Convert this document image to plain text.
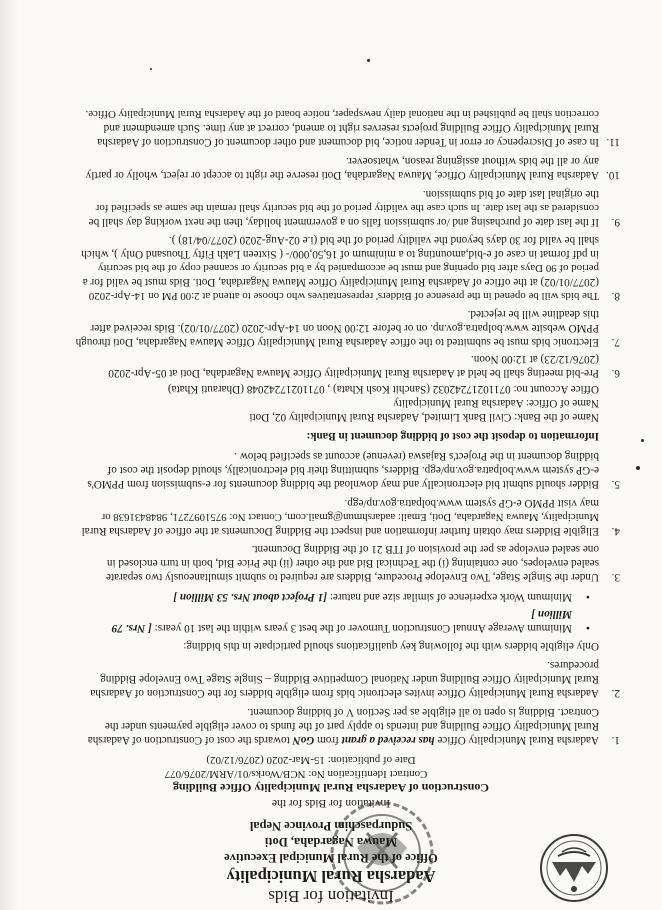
Invitation for Bids
Aadarsha Rural Municipality
Office of the Rural Municipal Executive
Mauwa Nagardaha, Doti
Sudurpaschim Province Nepal
Invitation for Bids for the
Construction of Aadarsha Rural Municipality Office Building
Contract Identification No: NCB/Works/01/ARM/2076/077
Date of publication: 15-Mar-2020 (2076/12/02)
1.
Aadarsha Rural Municipality Office has received a grant from GoN towards the cost of Construction of Aadarsha
Rural Municipality Office Building and intends to apply part of the funds to cover eligible payments under the
Contract. Bidding is open to all eligible as per Section V of bidding document.
2.
Aadarsha Rural Municipality Office invites electronic bids from eligible bidders for the Construction of Aadarsha
Rural Municipality Office Building under National Competitive Bidding – Single Stage Two Envelope Bidding
procedures.
Only eligible bidders with the following key qualifications should participate in this bidding:
•
Minimum Average Annual Construction Turnover of the best 3 years within the last 10 years: [ Nrs. 79
Million ]
•
Minimum Work experience of similar size and nature: [1 Project about Nrs. 53 Million ]
3.
Under the Single Stage, Two Envelope Procedure, Bidders are required to submit simultaneously two separate
sealed envelopes, one containing (i) the Technical Bid and the other (ii) the Price Bid, both in turn enclosed in
one sealed envelope as per the provision of ITB 21 of the Bidding Document.
4.
Eligible Bidders may obtain further information and inspect the Bidding Documents at the office of Aadarsha Rural
Municipality, Mauwa Nagardaha, Doti, Email: aadarshmun@gmail.com, Contact No: 9751097271, 9848431638 or
may visit PPMO e-GP system www.bolpatra.gov.np/egp.
5.
Bidder should submit bid electronically and may download the bidding documents for e-submission from PPMO's
e-GP system www.bolpatra.gov.np/egp. Bidders, submitting their bid electronically, should deposit the cost of
bidding document in the Project's Rajaswa (revenue) account as specified below .
Information to deposit the cost of bidding document in Bank:
Name of the Bank: Civil Bank Limited, Aadarsha Rural Municipality 02, Doti
Name of Office: Aadarsha Rural Municipality
Office Account no: 07110217242032 (Sanchit Kosh Khata) , 07110217242048 (Dharauti Khata)
6.
Pre-bid meeting shall be held at Aadarsha Rural Municipality Office Mauwa Nagardaha, Doti at 05-Apr-2020
(2076/12/23) at 12:00 Noon.
7.
Electronic bids must be submitted to the office Aadarsha Rural Municipality Office Mauwa Nagardaha, Doti through
PPMO website www.bolpatra.gov.np. on or before 12:00 Noon on 14-Apr-2020 (2077/01/02). Bids received after
this deadline will be rejected.
8.
The bids will be opened in the presence of Bidders' representatives who choose to attend at 2:00 PM on 14-Apr-2020
(2077/01/02) at the office of Aadarsha Rural Municipality Office Mauwa Nagardaha, Doti. Bids must be valid for a
period of 90 Days after bid opening and must be accompanied by a bid security or scanned copy of the bid security
in pdf format in case of e-bid,amounting to a minimum of 16,50,000/- ( Sixteen Lakh Fifty Thousand Only ), which
shall be valid for 30 days beyond the validity period of the bid (i.e 02-Aug-2020 (2077/04/18) ).
9.
If the last date of purchasing and /or submission falls on a government holiday, then the next working day shall be
considered as the last date. In such case the validity period of the bid security shall remain the same as specified for
the original last date of bid submission.
10.
Aadarsha Rural Municipality Office, Mauwa Nagardaha, Doti reserve the right to accept or reject, wholly or partly
any or all the bids without assigning reason, whatsoever.
11.
In case of Discrepency or error in Tender notice, bid document and other document of Construction of Aadarsha
Rural Municipality Office Building projects reserves right to amend, correct at any time. Such amendment and
correction shall be published in the national daily newspaper, notice board of the Aadarsha Rural Municipality Office.
